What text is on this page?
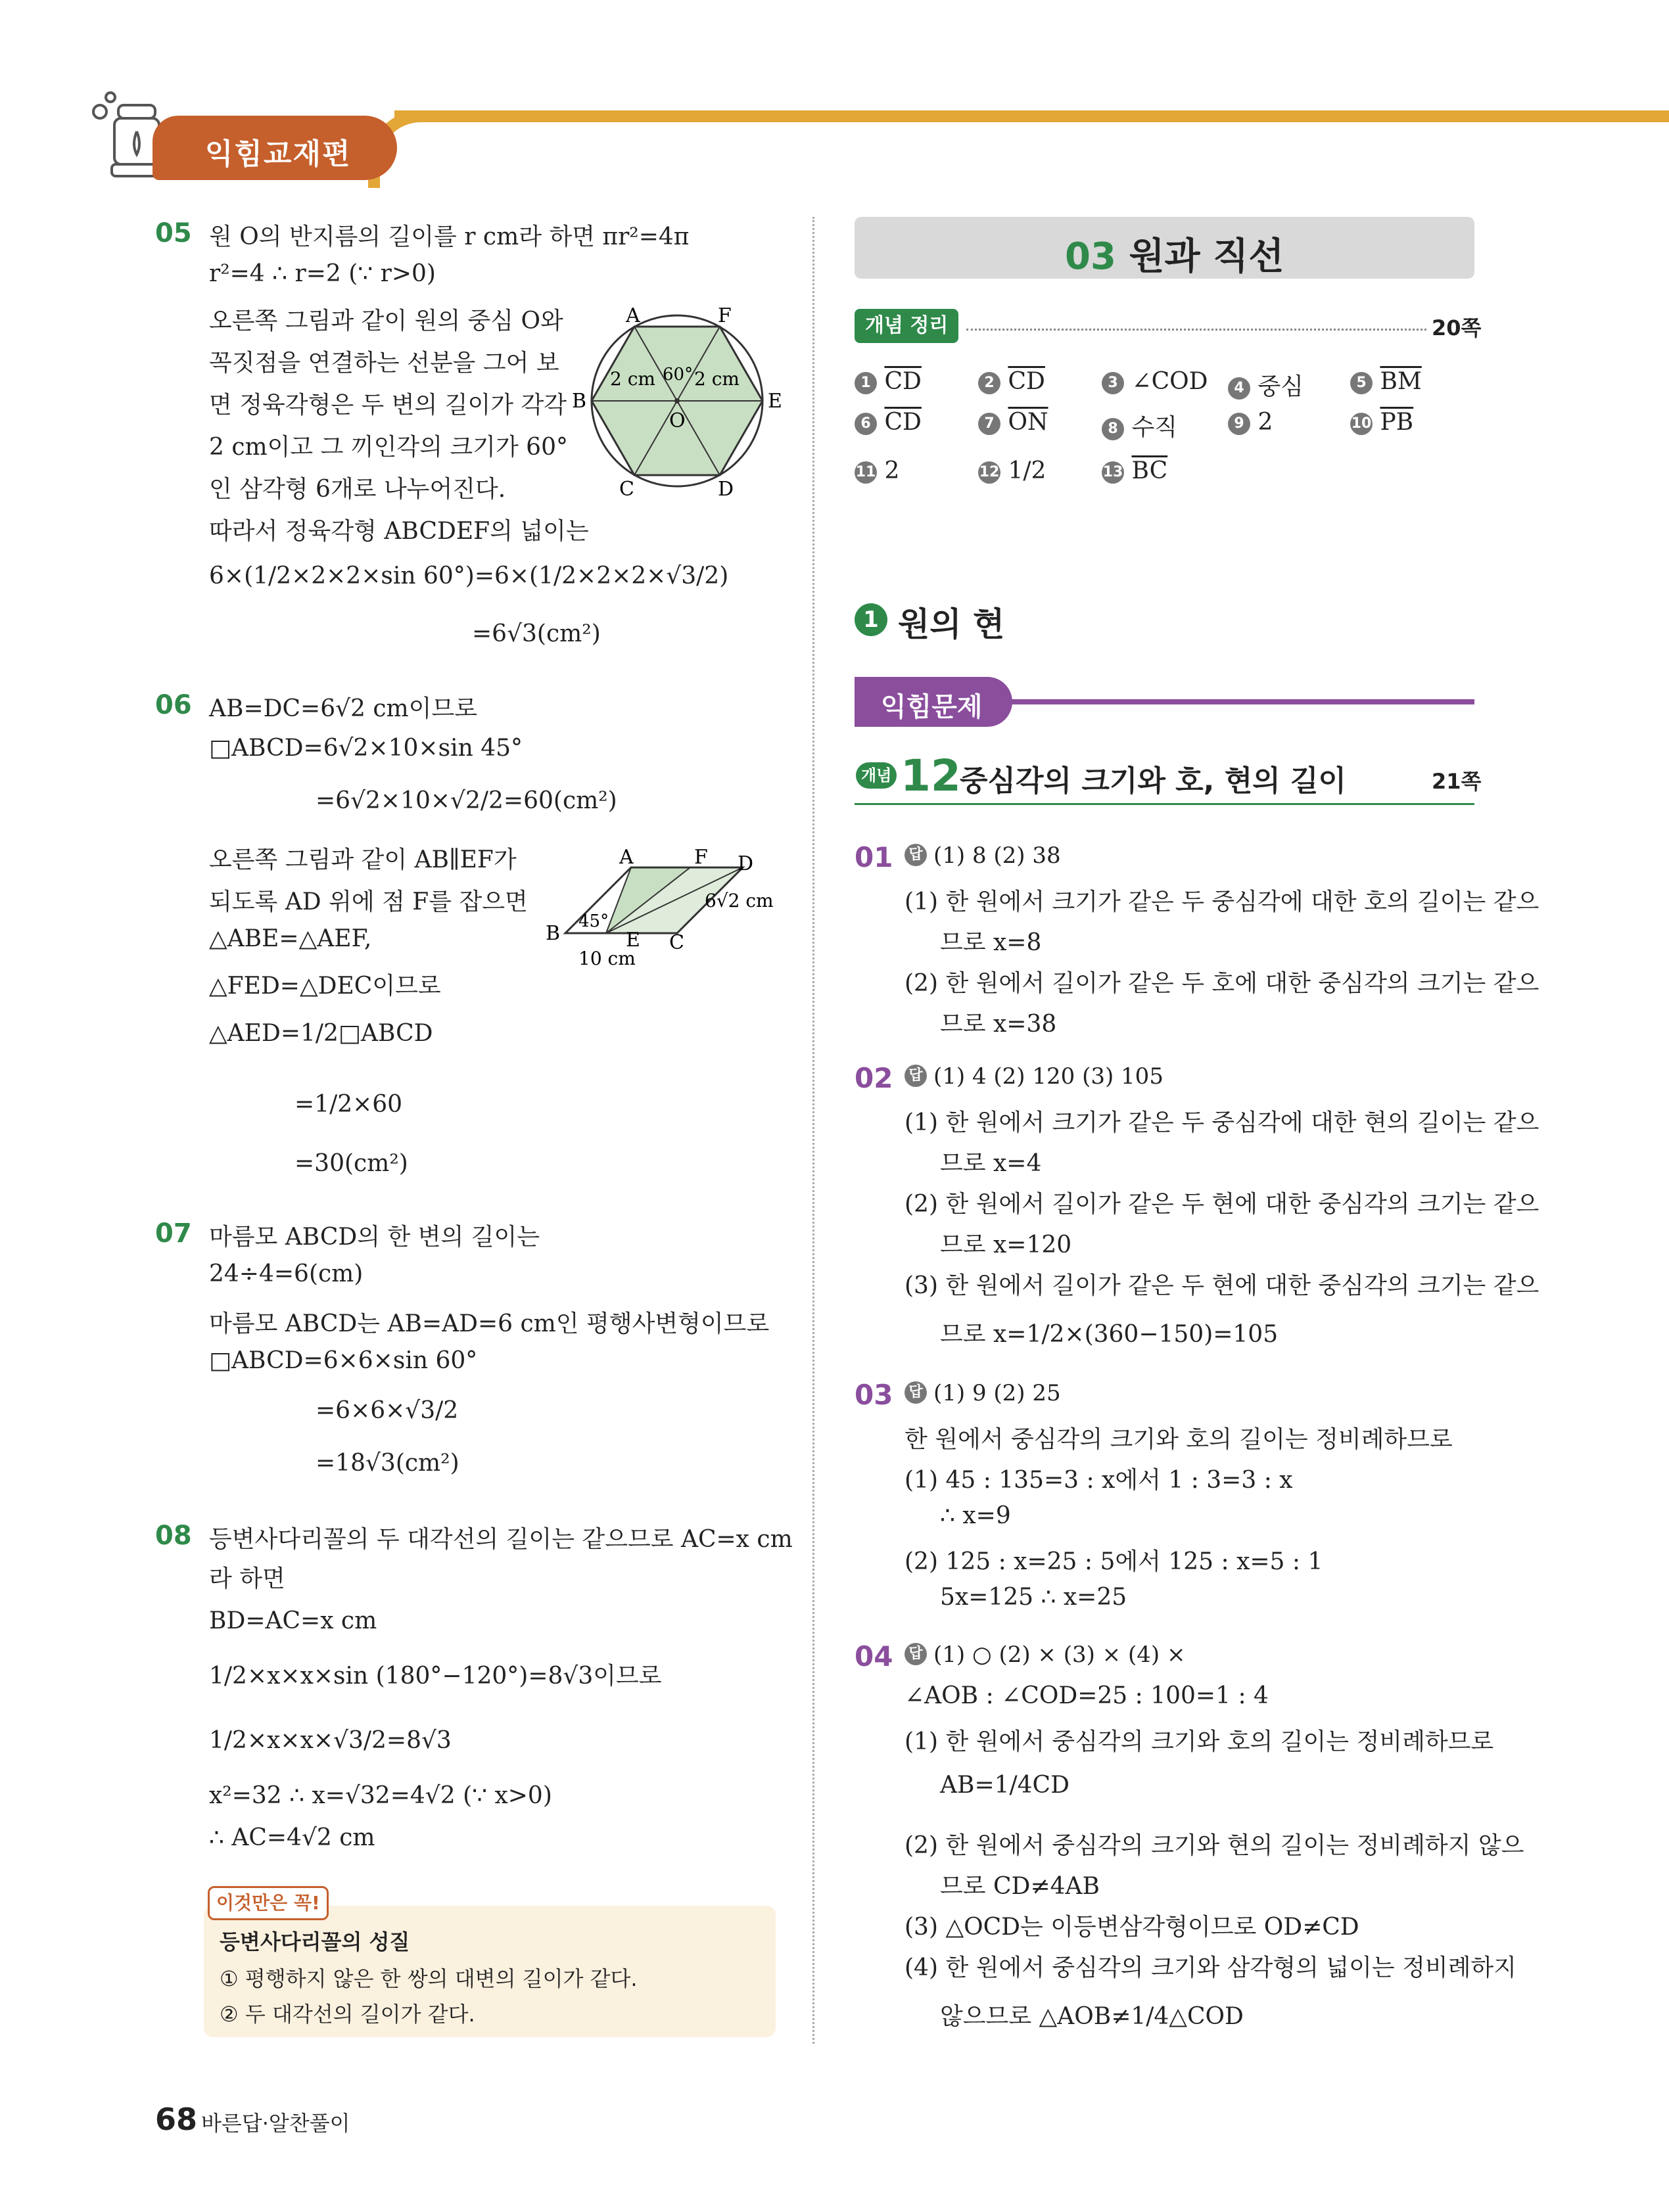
익힘교재편
05 원 O의 반지름의 길이를 r cm라 하면 πr²=4π
r²=4 ∴ r=2 (∵ r>0)
오른쪽 그림과 같이 원의 중심 O와
꼭짓점을 연결하는 선분을 그어 보
면 정육각형은 두 변의 길이가 각각
2 cm이고 그 끼인각의 크기가 60°
인 삼각형 6개로 나누어진다.
따라서 정육각형 ABCDEF의 넓이는
6×(1/2×2×2×sin 60°)=6×(1/2×2×2×√3/2)
=6√3(cm²)
A	F
B	E
C	D
O
2 cm 60° 2 cm
06 AB=DC=6√2 cm이므로
□ABCD=6√2×10×sin 45°
=6√2×10×√2/2=60(cm²)
오른쪽 그림과 같이 AB∥EF가
되도록 AD 위에 점 F를 잡으면
△ABE=△AEF,
△FED=△DEC이므로
△AED=1/2□ABCD
=1/2×60
=30(cm²)
A	F D
B	E C
6√2 cm
45°
10 cm
07 마름모 ABCD의 한 변의 길이는
24÷4=6(cm)
마름모 ABCD는 AB=AD=6 cm인 평행사변형이므로
□ABCD=6×6×sin 60°
=6×6×√3/2
=18√3(cm²)
08 등변사다리꼴의 두 대각선의 길이는 같으므로 AC=x cm
라 하면
BD=AC=x cm
1/2×x×x×sin (180°−120°)=8√3이므로
1/2×x×x×√3/2=8√3
x²=32 ∴ x=√32=4√2 (∵ x>0)
∴ AC=4√2 cm
이것만은 꼭!
등변사다리꼴의 성질
① 평행하지 않은 한 쌍의 대변의 길이가 같다.
② 두 대각선의 길이가 같다.
03 원과 직선
개념 정리	20쪽
1 $\overline{CD}$	2 $\overline{CD}$	3 ∠COD	4 중심	5 $\overline{BM}$
6 $\overline{CD}$	7 $\overline{ON}$	8 수직	9 2	10 $\overline{PB}$
11 2	12 1/2	13 $\overline{BC}$
1 원의 현
익힘문제
개념 12
중심각의 크기와 호, 현의 길이	21쪽
01 답 (1) 8 (2) 38
(1) 한 원에서 크기가 같은 두 중심각에 대한 호의 길이는 같으
므로 x=8
(2) 한 원에서 길이가 같은 두 호에 대한 중심각의 크기는 같으
므로 x=38
02 답 (1) 4 (2) 120 (3) 105
(1) 한 원에서 크기가 같은 두 중심각에 대한 현의 길이는 같으
므로 x=4
(2) 한 원에서 길이가 같은 두 현에 대한 중심각의 크기는 같으
므로 x=120
(3) 한 원에서 길이가 같은 두 현에 대한 중심각의 크기는 같으
므로 x=1/2×(360−150)=105
03 답 (1) 9 (2) 25
한 원에서 중심각의 크기와 호의 길이는 정비례하므로
(1) 45 : 135=3 : x에서 1 : 3=3 : x
∴ x=9
(2) 125 : x=25 : 5에서 125 : x=5 : 1
5x=125 ∴ x=25
04 답 (1) ○ (2) × (3) × (4) ×
∠AOB : ∠COD=25 : 100=1 : 4
(1) 한 원에서 중심각의 크기와 호의 길이는 정비례하므로
AB=1/4CD
(2) 한 원에서 중심각의 크기와 현의 길이는 정비례하지 않으
므로 CD≠4AB
(3) △OCD는 이등변삼각형이므로 OD≠CD
(4) 한 원에서 중심각의 크기와 삼각형의 넓이는 정비례하지
않으므로 △AOB≠1/4△COD
68 바른답·알찬풀이
